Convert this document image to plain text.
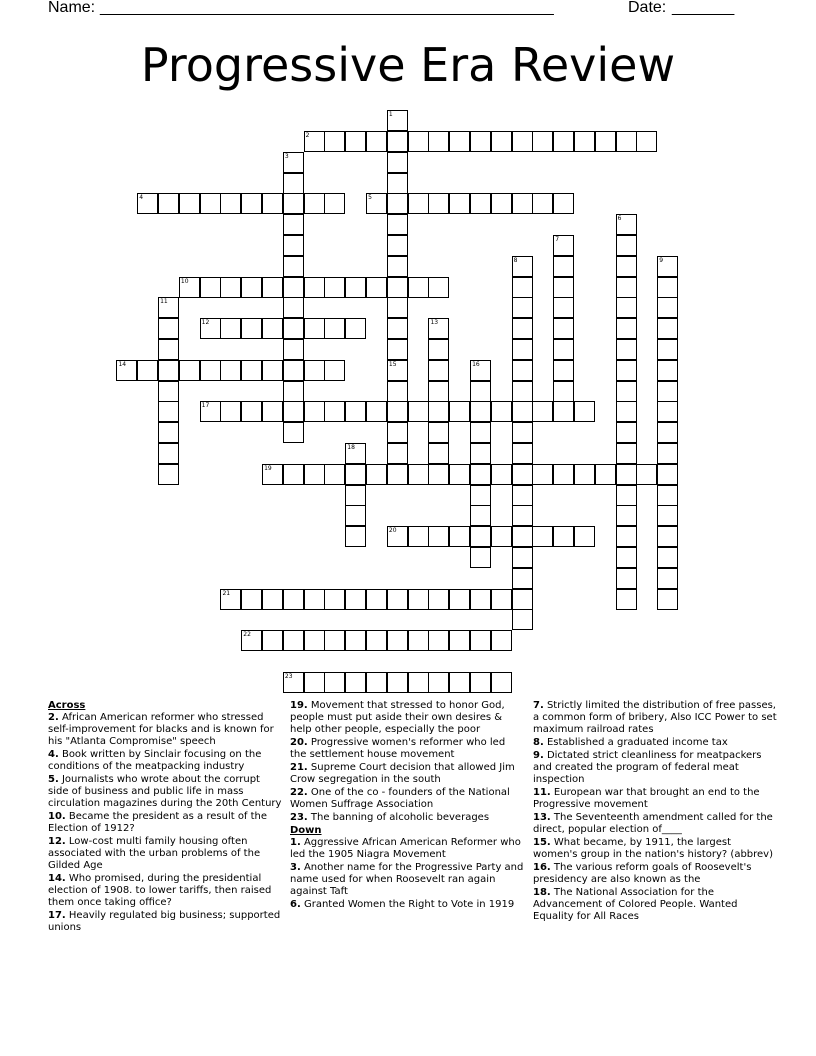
Name: ___________________________________________________	Date: _______
Progressive Era Review
1
2
3
4	5
6
7
8	9
10
11
12	13
14	15	16
17
18
19
20
21
22
23
Across
2. African American reformer who stressed self-improvement for blacks and is known for his "Atlanta Compromise" speech
4. Book written by Sinclair focusing on the conditions of the meatpacking industry
5. Journalists who wrote about the corrupt side of business and public life in mass circulation magazines during the 20th Century
10. Became the president as a result of the Election of 1912?
12. Low-cost multi family housing often associated with the urban problems of the Gilded Age
14. Who promised, during the presidential election of 1908. to lower tariffs, then raised them once taking office?
17. Heavily regulated big business; supported unions
19. Movement that stressed to honor God, people must put aside their own desires & help other people, especially the poor
20. Progressive women's reformer who led the settlement house movement
21. Supreme Court decision that allowed Jim Crow segregation in the south
22. One of the co - founders of the National Women Suffrage Association
23. The banning of alcoholic beverages
Down
1. Aggressive African American Reformer who led the 1905 Niagra Movement
3. Another name for the Progressive Party and name used for when Roosevelt ran again against Taft
6. Granted Women the Right to Vote in 1919
7. Strictly limited the distribution of free passes, a common form of bribery, Also ICC Power to set maximum railroad rates
8. Established a graduated income tax
9. Dictated strict cleanliness for meatpackers and created the program of federal meat inspection
11. European war that brought an end to the Progressive movement
13. The Seventeenth amendment called for the direct, popular election of____
15. What became, by 1911, the largest women's group in the nation's history? (abbrev)
16. The various reform goals of Roosevelt's presidency are also known as the
18. The National Association for the Advancement of Colored People. Wanted Equality for All Races
